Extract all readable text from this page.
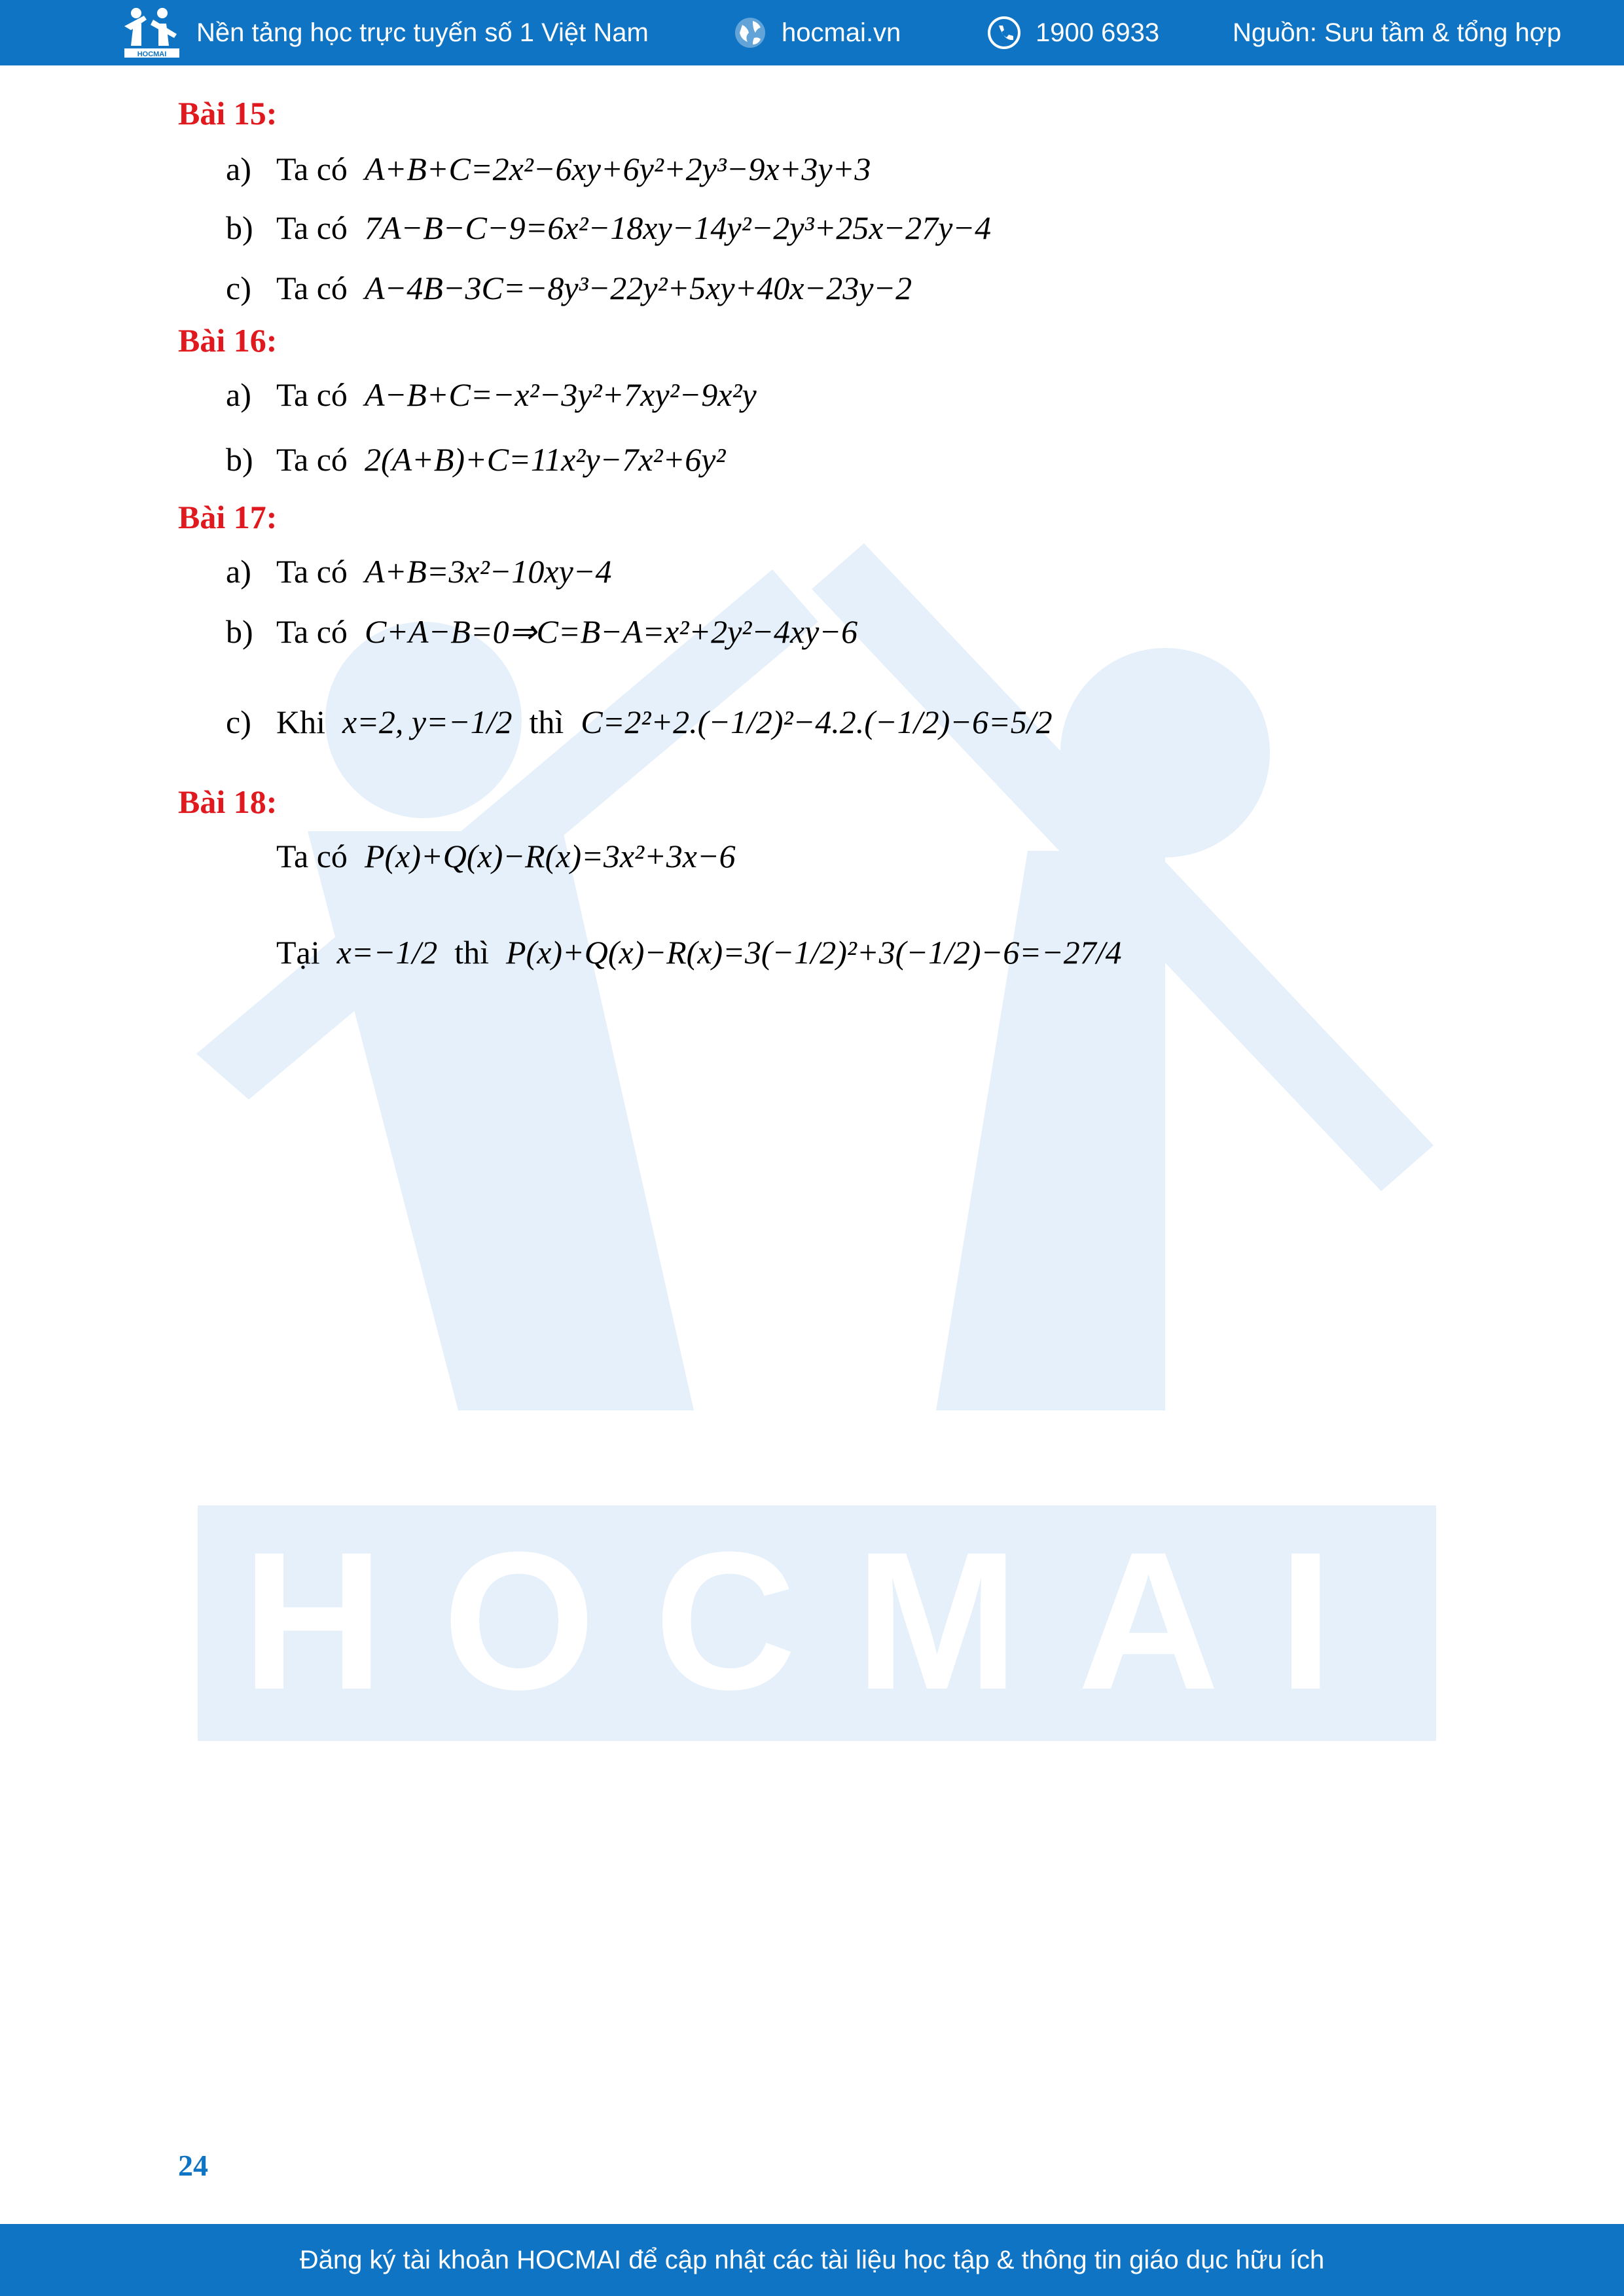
HOCMAI
Nền tảng học trực tuyến số 1 Việt Nam	hocmai.vn	1900 6933	Nguồn: Sưu tầm & tổng hợp
HOCMAI
Bài 15:
a) Ta có A+B+C=2x²−6xy+6y²+2y³−9x+3y+3
b) Ta có 7A−B−C−9=6x²−18xy−14y²−2y³+25x−27y−4
c) Ta có A−4B−3C=−8y³−22y²+5xy+40x−23y−2
Bài 16:
a) Ta có A−B+C=−x²−3y²+7xy²−9x²y
b) Ta có 2(A+B)+C=11x²y−7x²+6y²
Bài 17:
a) Ta có A+B=3x²−10xy−4
b) Ta có C+A−B=0⇒C=B−A=x²+2y²−4xy−6
c) Khi x=2, y=−1/2 thì C=2²+2.(−1/2)²−4.2.(−1/2)−6=5/2
Bài 18:
Ta có P(x)+Q(x)−R(x)=3x²+3x−6
Tại x=−1/2 thì P(x)+Q(x)−R(x)=3(−1/2)²+3(−1/2)−6=−27/4
24
Đăng ký tài khoản HOCMAI để cập nhật các tài liệu học tập & thông tin giáo dục hữu ích
